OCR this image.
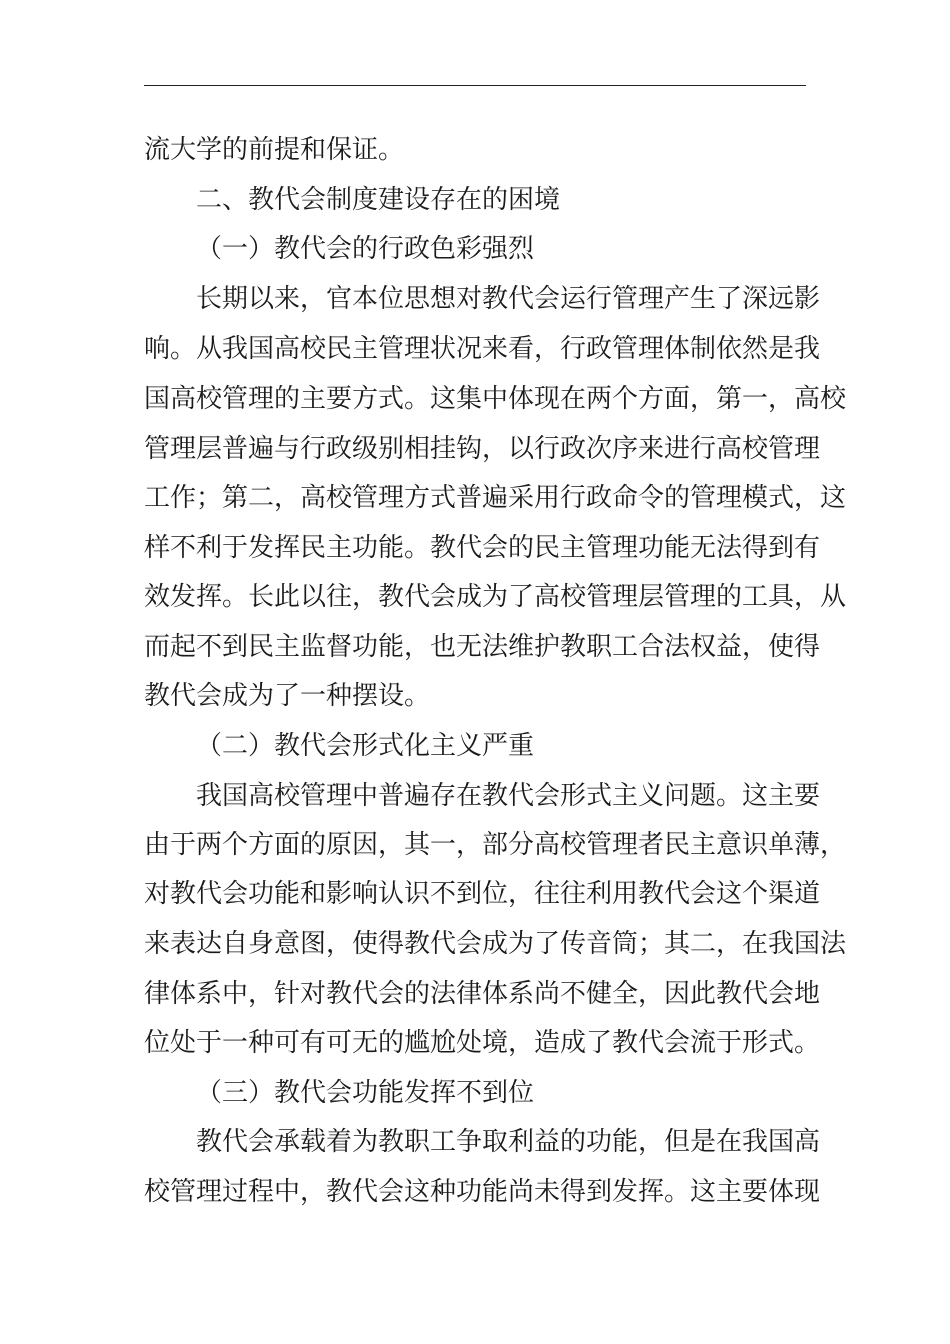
流大学的前提和保证。
二、教代会制度建设存在的困境
（一）教代会的行政色彩强烈
长期以来，官本位思想对教代会运行管理产生了深远影
响。从我国高校民主管理状况来看，行政管理体制依然是我
国高校管理的主要方式。这集中体现在两个方面，第一，高校
管理层普遍与行政级别相挂钩，以行政次序来进行高校管理
工作；第二，高校管理方式普遍采用行政命令的管理模式，这
样不利于发挥民主功能。教代会的民主管理功能无法得到有
效发挥。长此以往，教代会成为了高校管理层管理的工具，从
而起不到民主监督功能，也无法维护教职工合法权益，使得
教代会成为了一种摆设。
（二）教代会形式化主义严重
我国高校管理中普遍存在教代会形式主义问题。这主要
由于两个方面的原因，其一，部分高校管理者民主意识单薄，
对教代会功能和影响认识不到位，往往利用教代会这个渠道
来表达自身意图，使得教代会成为了传音筒；其二，在我国法
律体系中，针对教代会的法律体系尚不健全，因此教代会地
位处于一种可有可无的尴尬处境，造成了教代会流于形式。
（三）教代会功能发挥不到位
教代会承载着为教职工争取利益的功能，但是在我国高
校管理过程中，教代会这种功能尚未得到发挥。这主要体现
